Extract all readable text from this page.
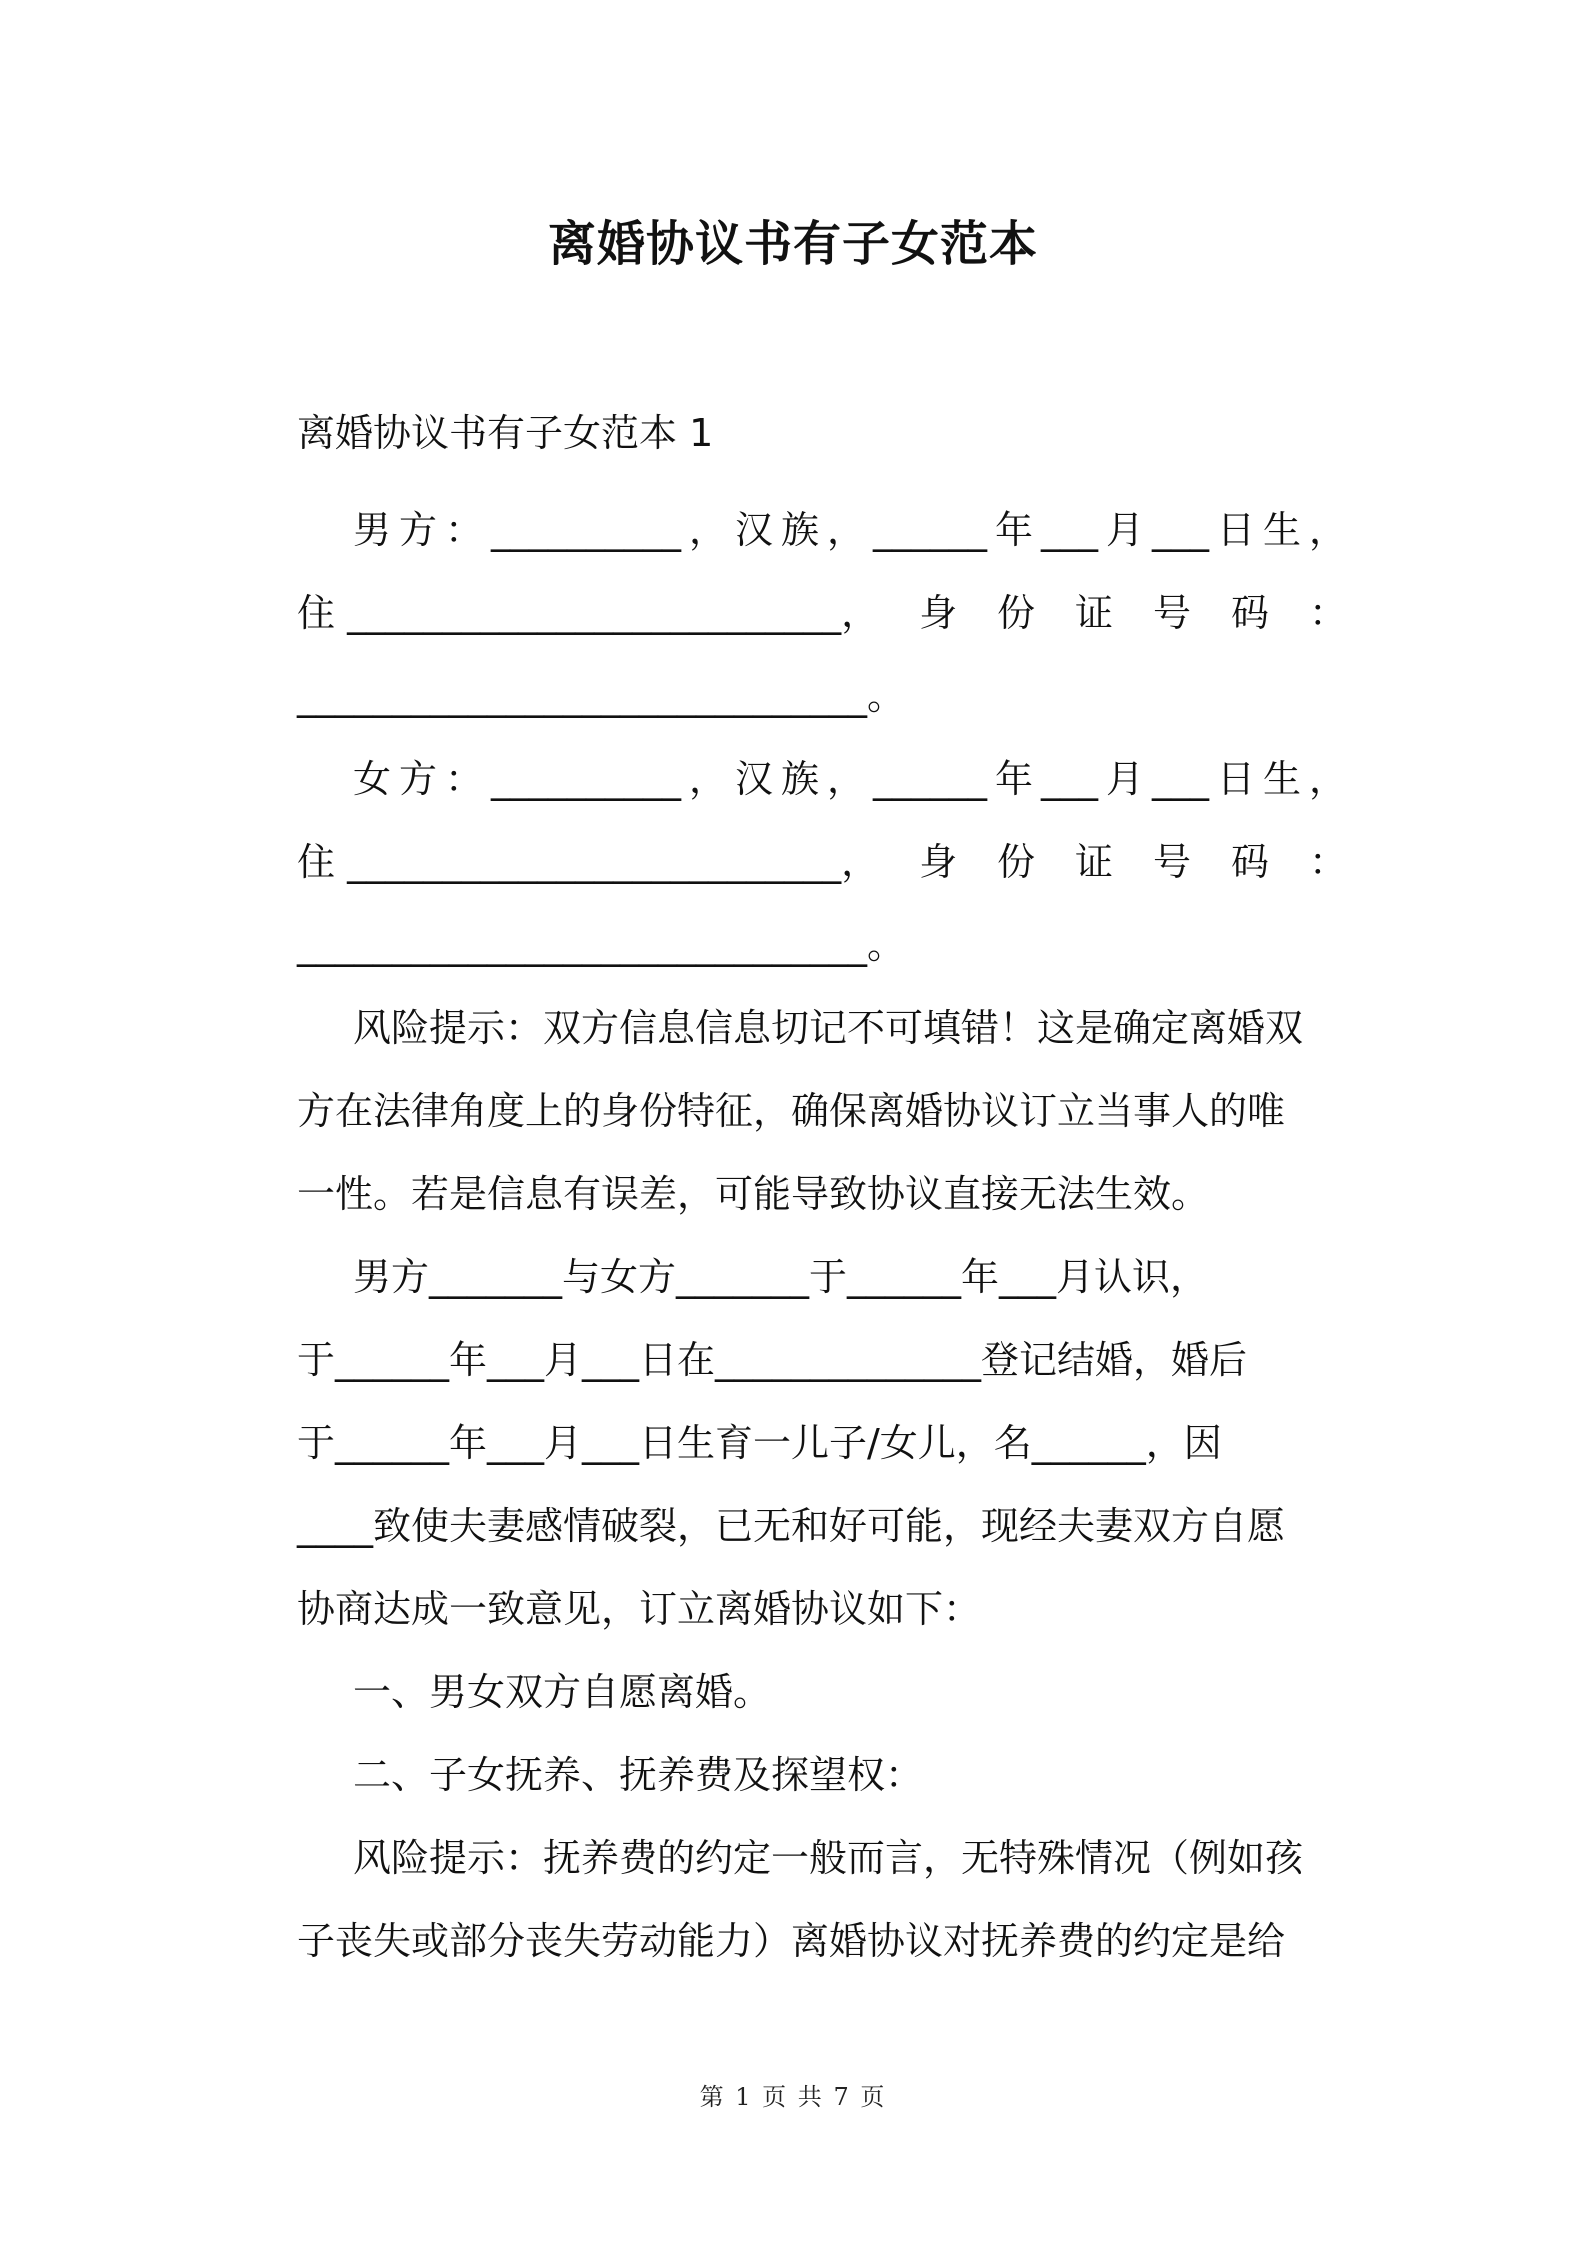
离婚协议书有子女范本

离婚协议书有子女范本 1

男 方 ： __________ ， 汉 族 ， ______ 年 ___ 月 ___ 日 生 ，

住 __________________________， 身 份 证 号 码 ：

______________________________。

女 方 ： __________ ， 汉 族 ， ______ 年 ___ 月 ___ 日 生 ，

住 __________________________， 身 份 证 号 码 ：

______________________________。

风险提示：双方信息信息切记不可填错！这是确定离婚双

方在法律角度上的身份特征，确保离婚协议订立当事人的唯

一性。若是信息有误差，可能导致协议直接无法生效。

男方_______与女方_______于______年___月认识，

于______年___月___日在______________登记结婚，婚后

于______年___月___日生育一儿子/女儿，名______，因

____致使夫妻感情破裂，已无和好可能，现经夫妻双方自愿

协商达成一致意见，订立离婚协议如下：

一、男女双方自愿离婚。

二、子女抚养、抚养费及探望权：

风险提示：抚养费的约定一般而言，无特殊情况（例如孩

子丧失或部分丧失劳动能力）离婚协议对抚养费的约定是给

第 1 页 共 7 页
